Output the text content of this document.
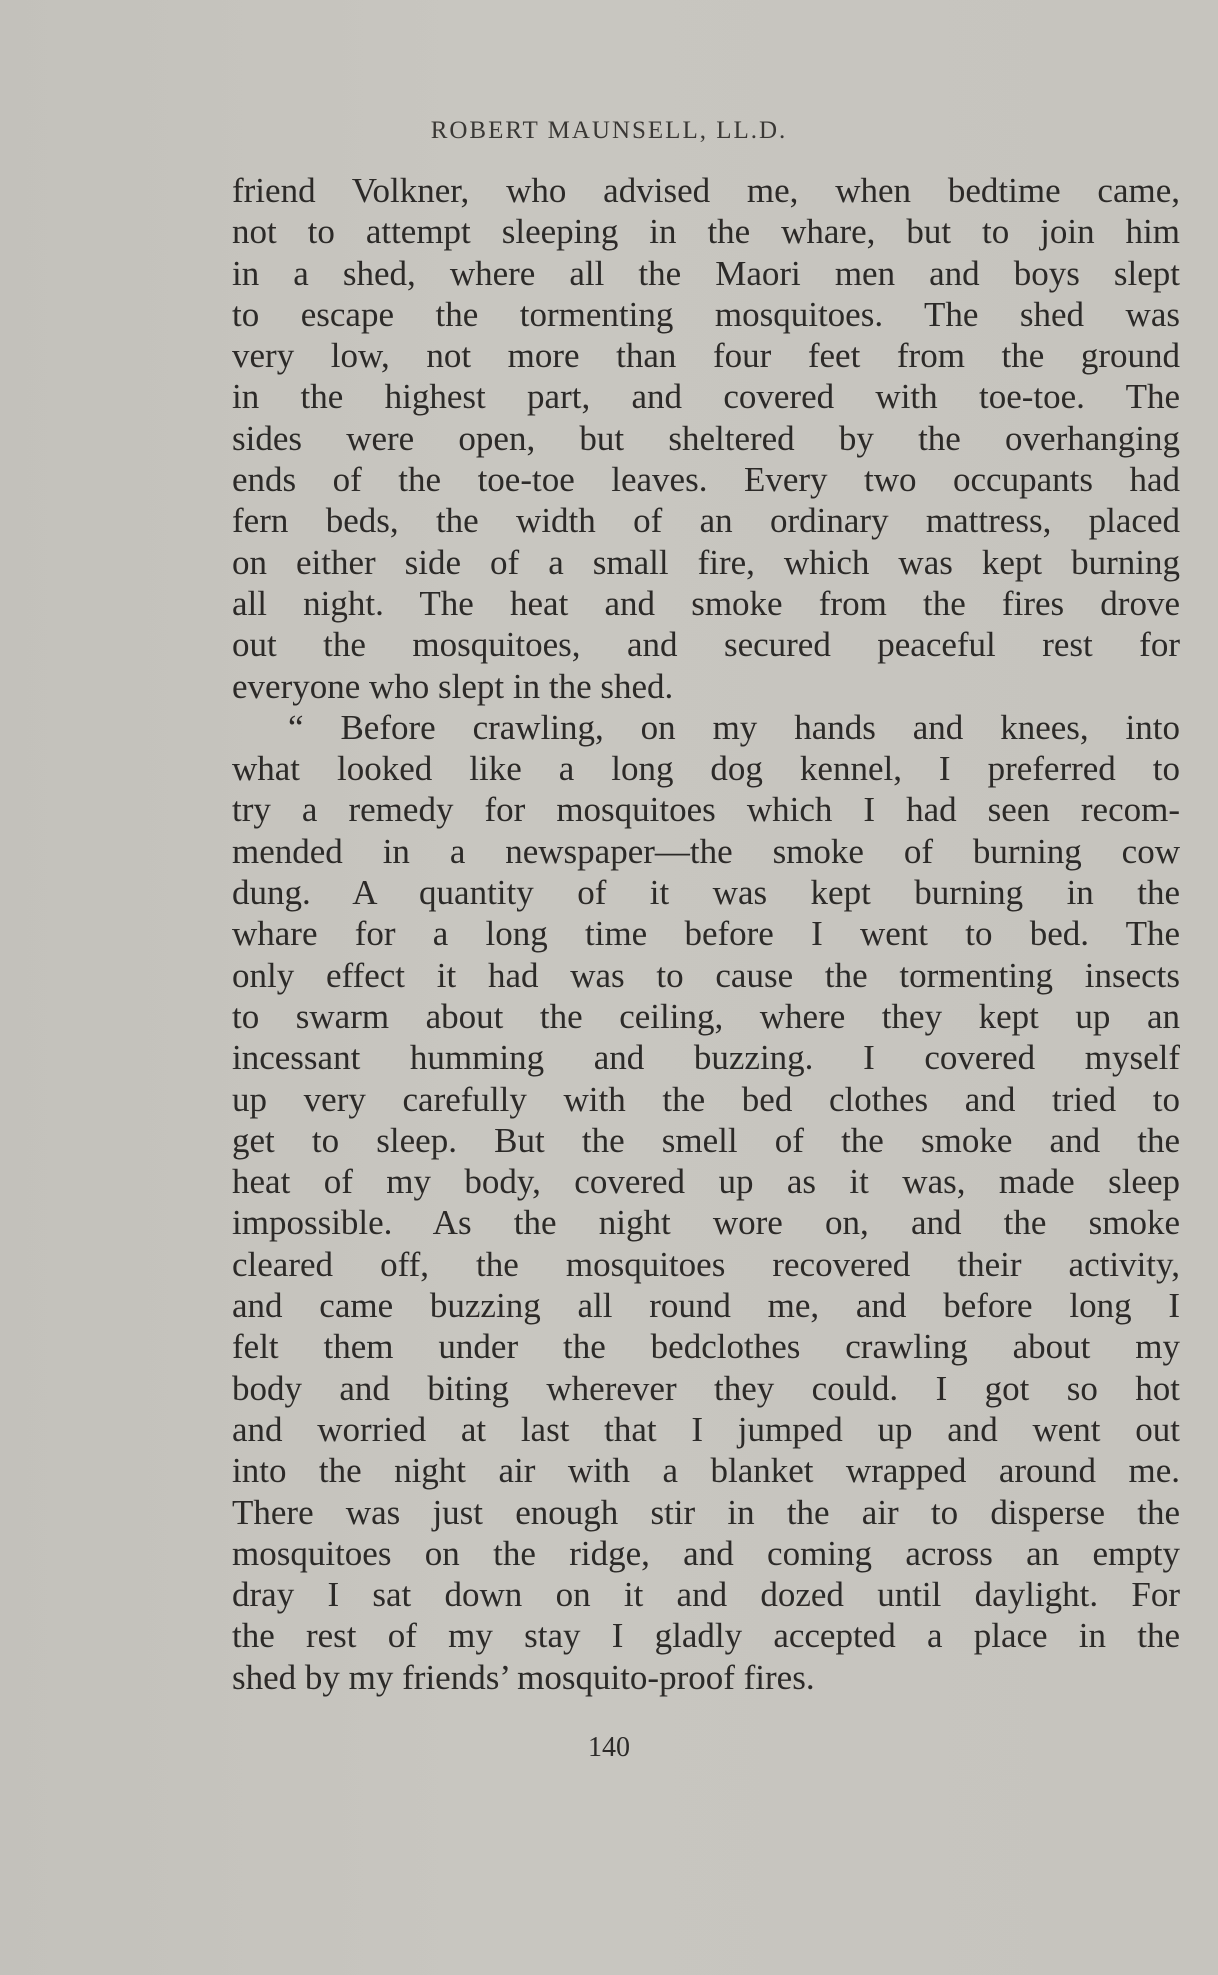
ROBERT MAUNSELL, LL.D.
friend Volkner, who advised me, when bedtime came,
not to attempt sleeping in the whare, but to join him
in a shed, where all the Maori men and boys slept
to escape the tormenting mosquitoes. The shed was
very low, not more than four feet from the ground
in the highest part, and covered with toe-toe. The
sides were open, but sheltered by the overhanging
ends of the toe-toe leaves. Every two occupants had
fern beds, the width of an ordinary mattress, placed
on either side of a small fire, which was kept burning
all night. The heat and smoke from the fires drove
out the mosquitoes, and secured peaceful rest for
everyone who slept in the shed.
“ Before crawling, on my hands and knees, into
what looked like a long dog kennel, I preferred to
try a remedy for mosquitoes which I had seen recom-
mended in a newspaper—the smoke of burning cow
dung. A quantity of it was kept burning in the
whare for a long time before I went to bed. The
only effect it had was to cause the tormenting insects
to swarm about the ceiling, where they kept up an
incessant humming and buzzing. I covered myself
up very carefully with the bed clothes and tried to
get to sleep. But the smell of the smoke and the
heat of my body, covered up as it was, made sleep
impossible. As the night wore on, and the smoke
cleared off, the mosquitoes recovered their activity,
and came buzzing all round me, and before long I
felt them under the bedclothes crawling about my
body and biting wherever they could. I got so hot
and worried at last that I jumped up and went out
into the night air with a blanket wrapped around me.
There was just enough stir in the air to disperse the
mosquitoes on the ridge, and coming across an empty
dray I sat down on it and dozed until daylight. For
the rest of my stay I gladly accepted a place in the
shed by my friends’ mosquito-proof fires.
140
